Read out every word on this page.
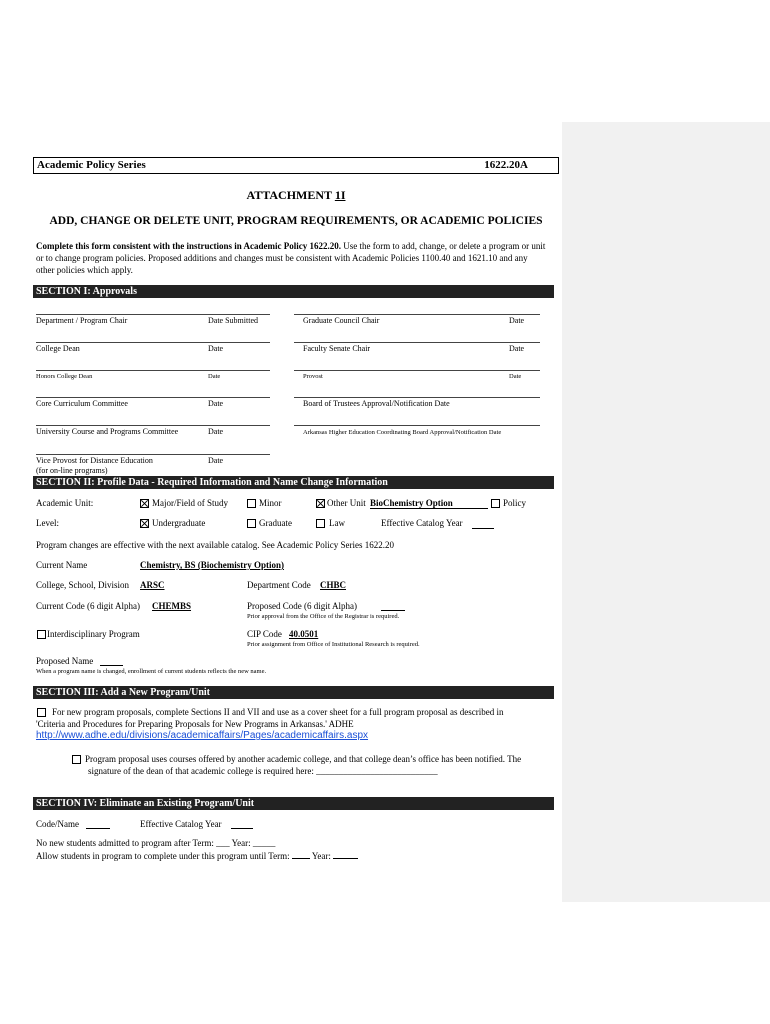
Academic Policy Series	1622.20A
ATTACHMENT 1I
ADD, CHANGE OR DELETE UNIT, PROGRAM REQUIREMENTS, OR ACADEMIC POLICIES
Complete this form consistent with the instructions in Academic Policy 1622.20. Use the form to add, change, or delete a program or unit or to change program policies. Proposed additions and changes must be consistent with Academic Policies 1100.40 and 1621.10 and any other policies which apply.
SECTION I: Approvals
Department / Program Chair	Date Submitted	Graduate Council Chair	Date
College Dean	Date	Faculty Senate Chair	Date
Honors College Dean	Date	Provost	Date
Core Curriculum Committee	Date	Board of Trustees Approval/Notification Date
University Course and Programs Committee	Date	Arkansas Higher Education Coordinating Board Approval/Notification Date
Vice Provost for Distance Education	Date
(for on-line programs)
SECTION II: Profile Data - Required Information and Name Change Information
Academic Unit:	Major/Field of Study	Minor	Other Unit BioChemistry Option	Policy
Level:	Undergraduate	Graduate	Law	Effective Catalog Year
Program changes are effective with the next available catalog. See Academic Policy Series 1622.20
Current Name	Chemistry, BS (Biochemistry Option)
College, School, Division ARSC	Department Code CHBC
Current Code (6 digit Alpha) CHEMBS	Proposed Code (6 digit Alpha)
Prior approval from the Office of the Registrar is required.
Interdisciplinary Program	CIP Code 40.0501
Prior assignment from Office of Institutional Research is required.
Proposed Name
When a program name is changed, enrollment of current students reflects the new name.
SECTION III: Add a New Program/Unit
For new program proposals, complete Sections II and VII and use as a cover sheet for a full program proposal as described in
'Criteria and Procedures for Preparing Proposals for New Programs in Arkansas.' ADHE
http://www.adhe.edu/divisions/academicaffairs/Pages/academicaffairs.aspx
Program proposal uses courses offered by another academic college, and that college dean’s office has been notified. The
signature of the dean of that academic college is required here: ___________________________
SECTION IV: Eliminate an Existing Program/Unit
Code/Name	Effective Catalog Year
No new students admitted to program after Term: ___ Year: _____
Allow students in program to complete under this program until Term:  Year:
